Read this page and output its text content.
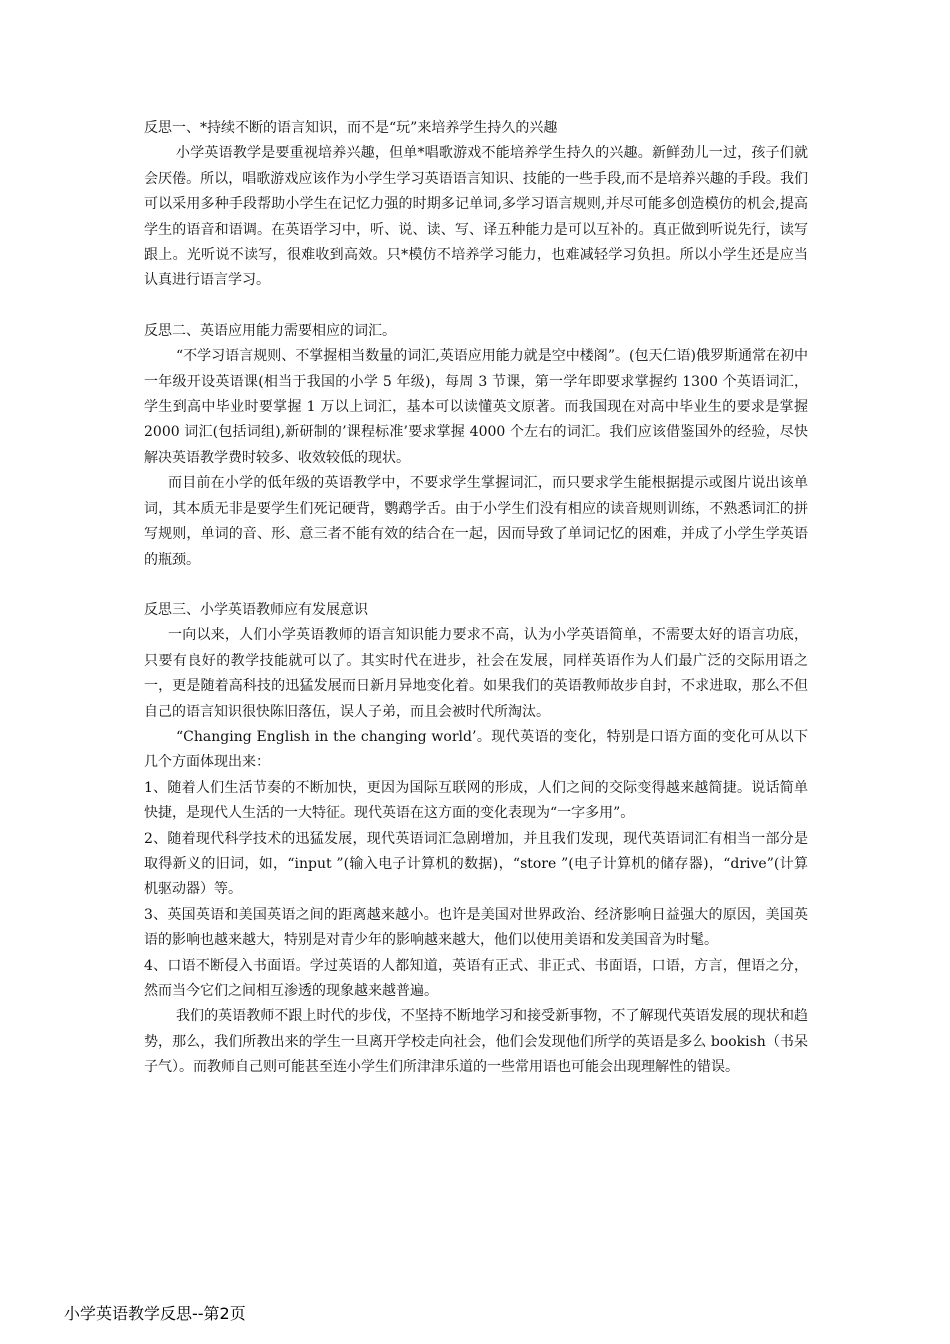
反思一、*持续不断的语言知识，而不是“玩”来培养学生持久的兴趣

小学英语教学是要重视培养兴趣，但单*唱歌游戏不能培养学生持久的兴趣。新鲜劲儿一过，孩子们就会厌倦。所以，唱歌游戏应该作为小学生学习英语语言知识、技能的一些手段,而不是培养兴趣的手段。我们可以采用多种手段帮助小学生在记忆力强的时期多记单词,多学习语言规则,并尽可能多创造模仿的机会,提高学生的语音和语调。在英语学习中，听、说、读、写、译五种能力是可以互补的。真正做到听说先行，读写跟上。光听说不读写，很难收到高效。只*模仿不培养学习能力，也难减轻学习负担。所以小学生还是应当认真进行语言学习。

反思二、英语应用能力需要相应的词汇。

“不学习语言规则、不掌握相当数量的词汇,英语应用能力就是空中楼阁”。(包天仁语)俄罗斯通常在初中一年级开设英语课(相当于我国的小学 5 年级)，每周 3 节课，第一学年即要求掌握约 1300 个英语词汇，学生到高中毕业时要掌握 1 万以上词汇，基本可以读懂英文原著。而我国现在对高中毕业生的要求是掌握 2000 词汇(包括词组),新研制的’课程标准’要求掌握 4000 个左右的词汇。我们应该借鉴国外的经验，尽快解决英语教学费时较多、收效较低的现状。

而目前在小学的低年级的英语教学中，不要求学生掌握词汇，而只要求学生能根据提示或图片说出该单词，其本质无非是要学生们死记硬背，鹦鹉学舌。由于小学生们没有相应的读音规则训练，不熟悉词汇的拼写规则，单词的音、形、意三者不能有效的结合在一起，因而导致了单词记忆的困难，并成了小学生学英语的瓶颈。

反思三、小学英语教师应有发展意识

一向以来，人们小学英语教师的语言知识能力要求不高，认为小学英语简单，不需要太好的语言功底，只要有良好的教学技能就可以了。其实时代在进步，社会在发展，同样英语作为人们最广泛的交际用语之一，更是随着高科技的迅猛发展而日新月异地变化着。如果我们的英语教师故步自封，不求进取，那么不但自己的语言知识很快陈旧落伍，误人子弟，而且会被时代所淘汰。

“Changing English in the changing world’。现代英语的变化，特别是口语方面的变化可从以下几个方面体现出来：

1、随着人们生活节奏的不断加快，更因为国际互联网的形成，人们之间的交际变得越来越简捷。说话简单快捷，是现代人生活的一大特征。现代英语在这方面的变化表现为“一字多用”。

2、随着现代科学技术的迅猛发展，现代英语词汇急剧增加，并且我们发现，现代英语词汇有相当一部分是取得新义的旧词，如，“input ”(输入电子计算机的数据)，“store ”(电子计算机的储存器)，“drive”(计算机驱动器）等。

3、英国英语和美国英语之间的距离越来越小。也许是美国对世界政治、经济影响日益强大的原因，美国英语的影响也越来越大，特别是对青少年的影响越来越大，他们以使用美语和发美国音为时髦。

4、口语不断侵入书面语。学过英语的人都知道，英语有正式、非正式、书面语，口语，方言，俚语之分，然而当今它们之间相互渗透的现象越来越普遍。

我们的英语教师不跟上时代的步伐，不坚持不断地学习和接受新事物，不了解现代英语发展的现状和趋势，那么，我们所教出来的学生一旦离开学校走向社会，他们会发现他们所学的英语是多么 bookish（书呆子气）。而教师自己则可能甚至连小学生们所津津乐道的一些常用语也可能会出现理解性的错误。

小学英语教学反思--第2页
